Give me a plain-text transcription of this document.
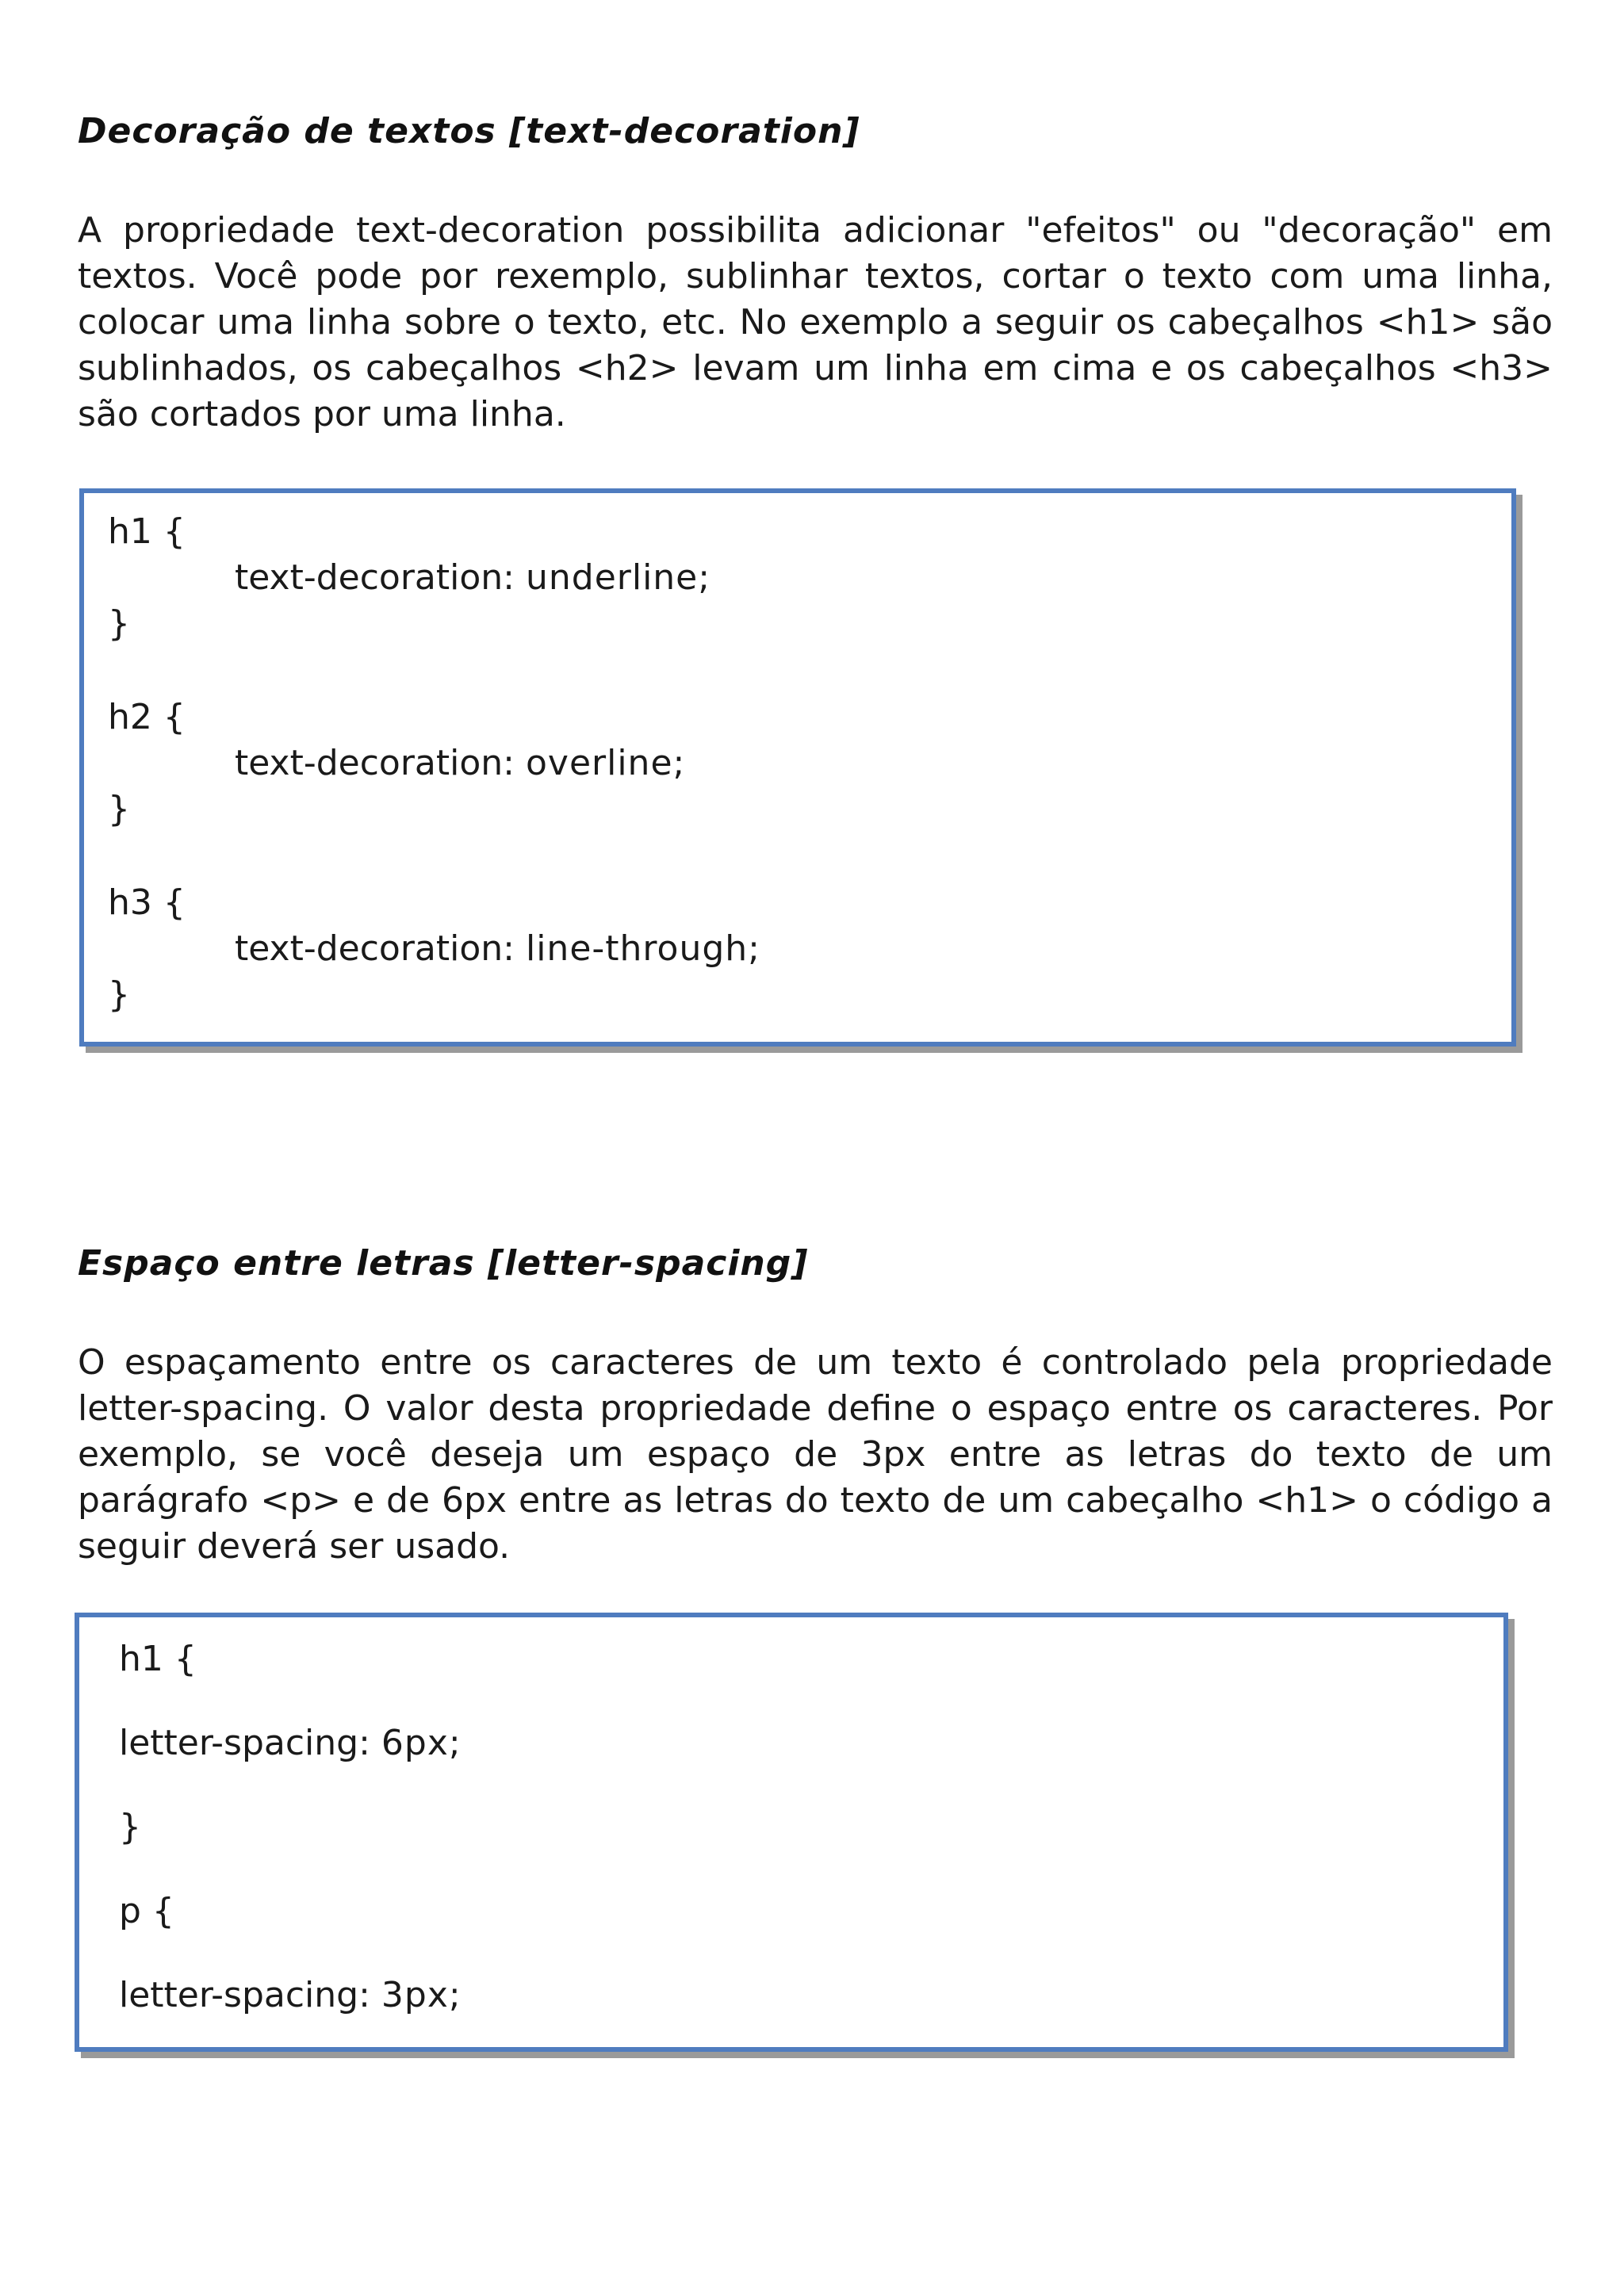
Decoração de textos [text-decoration]

A propriedade text-decoration possibilita adicionar "efeitos" ou "decoração" em textos. Você pode por rexemplo, sublinhar textos, cortar o texto com uma linha, colocar uma linha sobre o texto, etc. No exemplo a seguir os cabeçalhos <h1> são sublinhados, os cabeçalhos <h2> levam um linha em cima e os cabeçalhos <h3> são cortados por uma linha.

h1 {
text-decoration: underline;
}
h2 {
text-decoration: overline;
}
h3 {
text-decoration: line-through;
}
Espaço entre letras [letter-spacing]

O espaçamento entre os caracteres de um texto é controlado pela propriedade letter-spacing. O valor desta propriedade define o espaço entre os caracteres. Por exemplo, se você deseja um espaço de 3px entre as letras do texto de um parágrafo <p> e de 6px entre as letras do texto de um cabeçalho <h1> o código a seguir deverá ser usado.

h1 {
letter-spacing: 6px;
}
p {
letter-spacing: 3px;
